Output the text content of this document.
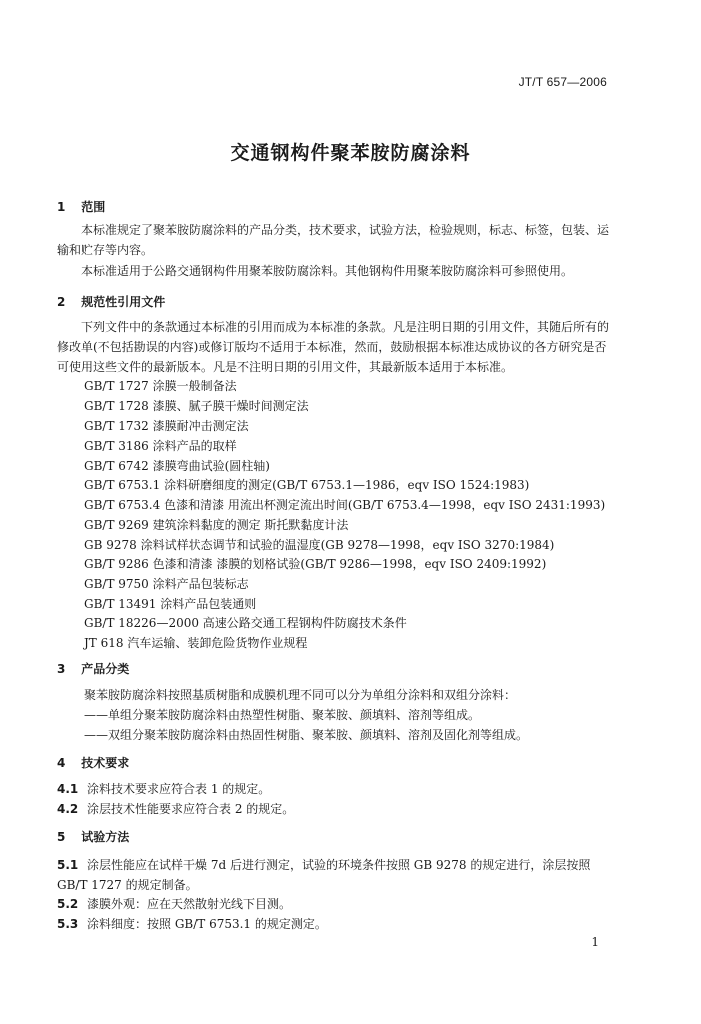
JT/T 657—2006
交通钢构件聚苯胺防腐涂料
1 范围
本标准规定了聚苯胺防腐涂料的产品分类，技术要求，试验方法，检验规则，标志、标签，包装、运输和贮存等内容。
本标准适用于公路交通钢构件用聚苯胺防腐涂料。其他钢构件用聚苯胺防腐涂料可参照使用。
2 规范性引用文件
下列文件中的条款通过本标准的引用而成为本标准的条款。凡是注明日期的引用文件，其随后所有的修改单(不包括勘误的内容)或修订版均不适用于本标准，然而，鼓励根据本标准达成协议的各方研究是否可使用这些文件的最新版本。凡是不注明日期的引用文件，其最新版本适用于本标准。
GB/T 1727 涂膜一般制备法
GB/T 1728 漆膜、腻子膜干燥时间测定法
GB/T 1732 漆膜耐冲击测定法
GB/T 3186 涂料产品的取样
GB/T 6742 漆膜弯曲试验(圆柱轴)
GB/T 6753.1 涂料研磨细度的测定(GB/T 6753.1—1986，eqv ISO 1524:1983)
GB/T 6753.4 色漆和清漆 用流出杯测定流出时间(GB/T 6753.4—1998，eqv ISO 2431:1993)
GB/T 9269 建筑涂料黏度的测定 斯托默黏度计法
GB 9278 涂料试样状态调节和试验的温湿度(GB 9278—1998，eqv ISO 3270:1984)
GB/T 9286 色漆和清漆 漆膜的划格试验(GB/T 9286—1998，eqv ISO 2409:1992)
GB/T 9750 涂料产品包装标志
GB/T 13491 涂料产品包装通则
GB/T 18226—2000 高速公路交通工程钢构件防腐技术条件
JT 618 汽车运输、装卸危险货物作业规程
3 产品分类
聚苯胺防腐涂料按照基质树脂和成膜机理不同可以分为单组分涂料和双组分涂料：
——单组分聚苯胺防腐涂料由热塑性树脂、聚苯胺、颜填料、溶剂等组成。
——双组分聚苯胺防腐涂料由热固性树脂、聚苯胺、颜填料、溶剂及固化剂等组成。
4 技术要求
4.1 涂料技术要求应符合表 1 的规定。
4.2 涂层技术性能要求应符合表 2 的规定。
5 试验方法
5.1 涂层性能应在试样干燥 7d 后进行测定，试验的环境条件按照 GB 9278 的规定进行，涂层按照 GB/T 1727 的规定制备。
5.2 漆膜外观：应在天然散射光线下目测。
5.3 涂料细度：按照 GB/T 6753.1 的规定测定。
1
